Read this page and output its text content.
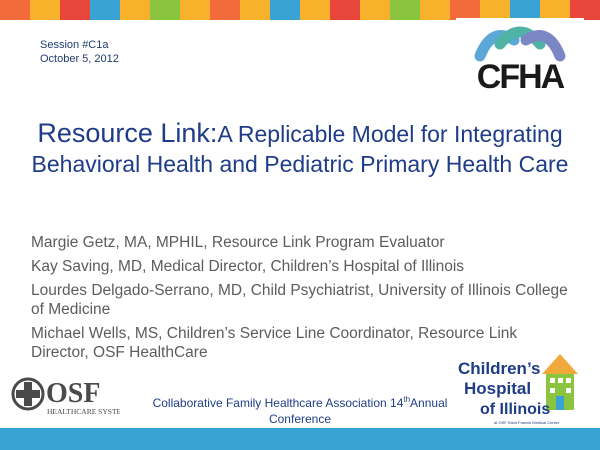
Session #C1a
October 5, 2012	CFHA
Resource Link:A Replicable Model for Integrating Behavioral Health and Pediatric Primary Health Care

Margie Getz, MA, MPHIL, Resource Link Program Evaluator

Kay Saving, MD, Medical Director, Children’s Hospital of Illinois

Lourdes Delgado-Serrano, MD, Child Psychiatrist, University of Illinois College of Medicine

Michael Wells, MS, Children’s Service Line Coordinator, Resource Link Director, OSF HealthCare

OSF
HEALTHCARE SYSTEM
Collaborative Family Healthcare Association 14thAnnual Conference

Children’s
Hospital
of Illinois
at OSF Saint Francis Medical Center
